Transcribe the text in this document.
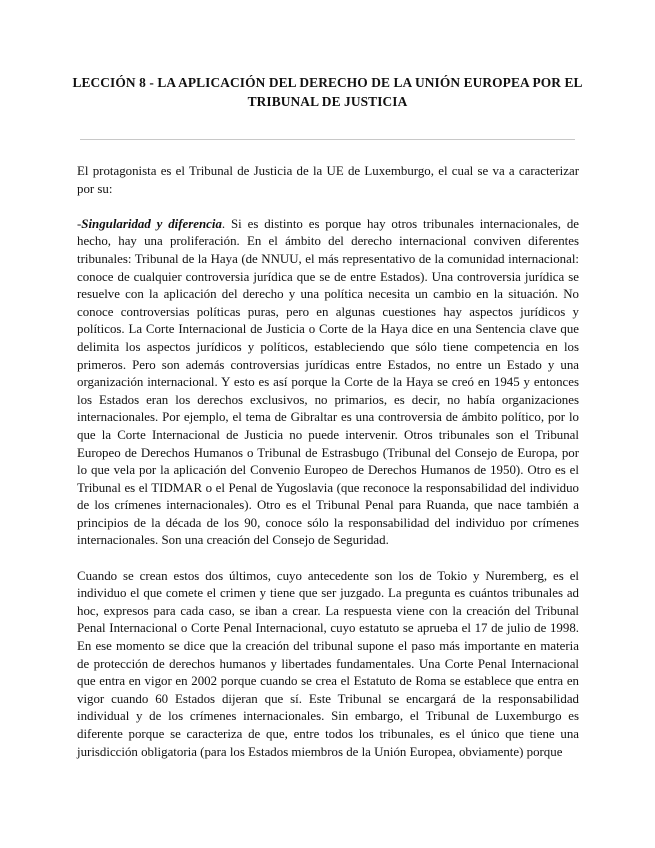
LECCIÓN 8 - LA APLICACIÓN DEL DERECHO DE LA UNIÓN EUROPEA POR EL
TRIBUNAL DE JUSTICIA

El protagonista es el Tribunal de Justicia de la UE de Luxemburgo, el cual se va a caracterizar por su:

-Singularidad y diferencia. Si es distinto es porque hay otros tribunales internacionales, de hecho, hay una proliferación. En el ámbito del derecho internacional conviven diferentes tribunales: Tribunal de la Haya (de NNUU, el más representativo de la comunidad internacional: conoce de cualquier controversia jurídica que se de entre Estados). Una controversia jurídica se resuelve con la aplicación del derecho y una política necesita un cambio en la situación. No conoce controversias políticas puras, pero en algunas cuestiones hay aspectos jurídicos y políticos. La Corte Internacional de Justicia o Corte de la Haya dice en una Sentencia clave que delimita los aspectos jurídicos y políticos, estableciendo que sólo tiene competencia en los primeros. Pero son además controversias jurídicas entre Estados, no entre un Estado y una organización internacional. Y esto es así porque la Corte de la Haya se creó en 1945 y entonces los Estados eran los derechos exclusivos, no primarios, es decir, no había organizaciones internacionales. Por ejemplo, el tema de Gibraltar es una controversia de ámbito político, por lo que la Corte Internacional de Justicia no puede intervenir. Otros tribunales son el Tribunal Europeo de Derechos Humanos o Tribunal de Estrasbugo (Tribunal del Consejo de Europa, por lo que vela por la aplicación del Convenio Europeo de Derechos Humanos de 1950). Otro es el Tribunal es el TIDMAR o el Penal de Yugoslavia (que reconoce la responsabilidad del individuo de los crímenes internacionales). Otro es el Tribunal Penal para Ruanda, que nace también a principios de la década de los 90, conoce sólo la responsabilidad del individuo por crímenes internacionales. Son una creación del Consejo de Seguridad.

Cuando se crean estos dos últimos, cuyo antecedente son los de Tokio y Nuremberg, es el individuo el que comete el crimen y tiene que ser juzgado. La pregunta es cuántos tribunales ad hoc, expresos para cada caso, se iban a crear. La respuesta viene con la creación del Tribunal Penal Internacional o Corte Penal Internacional, cuyo estatuto se aprueba el 17 de julio de 1998. En ese momento se dice que la creación del tribunal supone el paso más importante en materia de protección de derechos humanos y libertades fundamentales. Una Corte Penal Internacional que entra en vigor en 2002 porque cuando se crea el Estatuto de Roma se establece que entra en vigor cuando 60 Estados dijeran que sí. Este Tribunal se encargará de la responsabilidad individual y de los crímenes internacionales. Sin embargo, el Tribunal de Luxemburgo es diferente porque se caracteriza de que, entre todos los tribunales, es el único que tiene una jurisdicción obligatoria (para los Estados miembros de la Unión Europea, obviamente) porque
